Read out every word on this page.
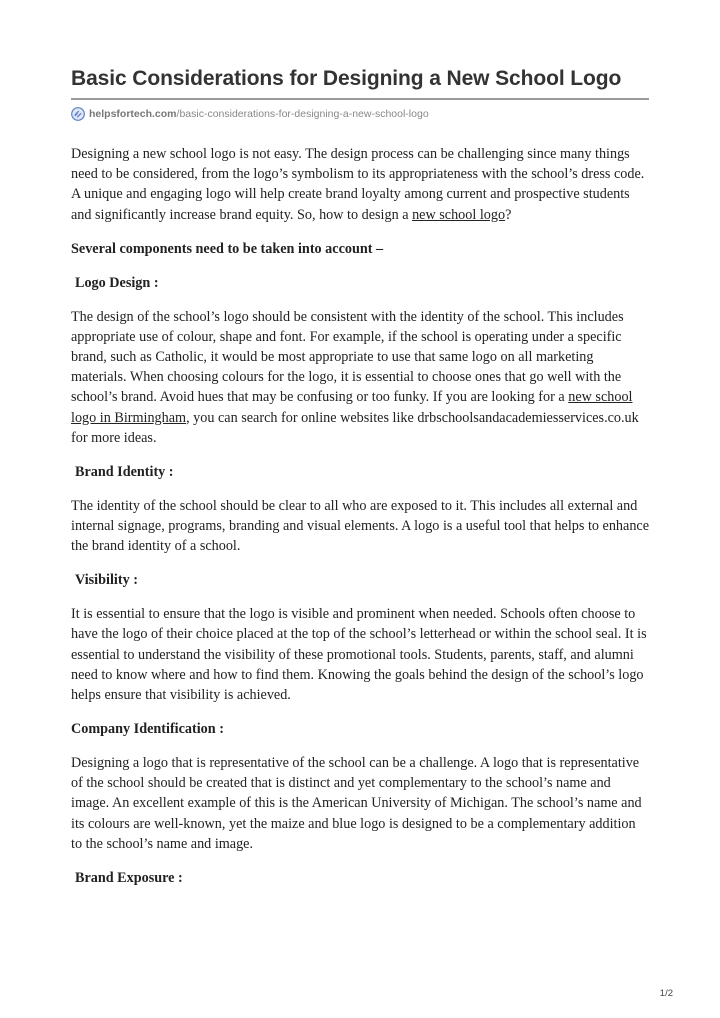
Basic Considerations for Designing a New School Logo
helpsfortech.com/basic-considerations-for-designing-a-new-school-logo

Designing a new school logo is not easy. The design process can be challenging since many things need to be considered, from the logo’s symbolism to its appropriateness with the school’s dress code. A unique and engaging logo will help create brand loyalty among current and prospective students and significantly increase brand equity. So, how to design a new school logo?

Several components need to be taken into account –

Logo Design :

The design of the school’s logo should be consistent with the identity of the school. This includes appropriate use of colour, shape and font. For example, if the school is operating under a specific brand, such as Catholic, it would be most appropriate to use that same logo on all marketing materials. When choosing colours for the logo, it is essential to choose ones that go well with the school’s brand. Avoid hues that may be confusing or too funky. If you are looking for a new school logo in Birmingham, you can search for online websites like drbschoolsandacademiesservices.co.uk for more ideas.

Brand Identity :

The identity of the school should be clear to all who are exposed to it. This includes all external and internal signage, programs, branding and visual elements. A logo is a useful tool that helps to enhance the brand identity of a school.

Visibility :

It is essential to ensure that the logo is visible and prominent when needed. Schools often choose to have the logo of their choice placed at the top of the school’s letterhead or within the school seal. It is essential to understand the visibility of these promotional tools. Students, parents, staff, and alumni need to know where and how to find them. Knowing the goals behind the design of the school’s logo helps ensure that visibility is achieved.

Company Identification :

Designing a logo that is representative of the school can be a challenge. A logo that is representative of the school should be created that is distinct and yet complementary to the school’s name and image. An excellent example of this is the American University of Michigan. The school’s name and its colours are well-known, yet the maize and blue logo is designed to be a complementary addition to the school’s name and image.

Brand Exposure :

1/2
